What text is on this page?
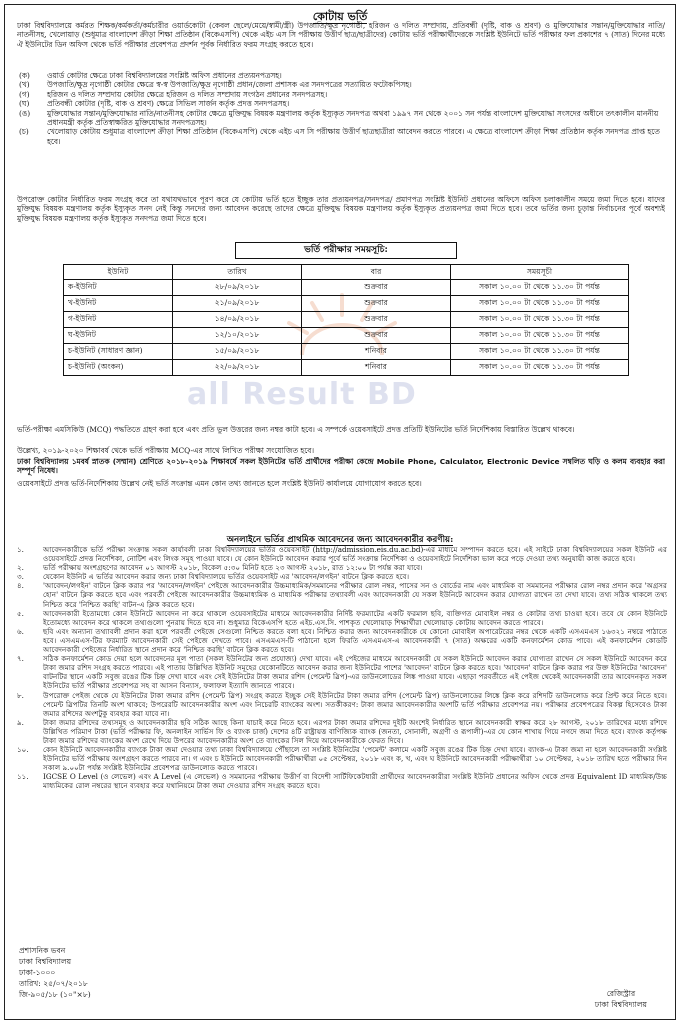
কোটায় ভর্তি
ঢাকা বিশ্ববিদ্যালয়ে কর্মরত শিক্ষক/কর্মকর্তা/কর্মচারীর ওয়ার্ডকোটা (কেবল ছেলে/মেয়ে/স্বামী/স্ত্রী) উপজাতি/ক্ষুদ্র নৃগোষ্ঠী, হরিজন ও দলিত সম্প্রদায়, প্রতিবন্ধী (দৃষ্টি, বাক ও শ্রবণ) ও মুক্তিযোদ্ধার সন্তান/মুক্তিযোদ্ধার নাতি/নাতনীসহ, খেলোয়াড় (শুধুমাত্র বাংলাদেশ ক্রীড়া শিক্ষা প্রতিষ্ঠান (বিকেএসপি) থেকে এইচ এস সি পরীক্ষায় উত্তীর্ণ ছাত্র/ছাত্রীদের) কোটায় ভর্তি পরীক্ষার্থীদেরকে সংশ্লিষ্ট ইউনিটে ভর্তি পরীক্ষার ফল প্রকাশের ৭ (সাত) দিনের মধ্যে ঐ ইউনিটের ডিন অফিস থেকে ভর্তি পরীক্ষার প্রবেশপত্র প্রদর্শন পূর্বক নির্ধারিত ফরম সংগ্রহ করতে হবে।
(ক)	ওয়ার্ড কোটার ক্ষেত্রে ঢাকা বিশ্ববিদ্যালয়ের সংশ্লিষ্ট অফিস প্রধানের প্রত্যয়নপত্রসহ।
(খ)	উপজাতি/ক্ষুদ্র নৃগোষ্ঠী কোটার ক্ষেত্রে স্ব-স্ব উপজাতি/ক্ষুদ্র নৃগোষ্ঠী প্রধান/জেলা প্রশাসক এর সনদপত্রের সত্যায়িত ফটোকপিসহ।
(গ)	হরিজন ও দলিত সম্প্রদায় কোটার ক্ষেত্রে হরিজন ও দলিত সম্প্রদায় সংগঠন প্রধানের সনদপত্রসহ।
(ঘ)	প্রতিবন্ধী কোটার (দৃষ্টি, বাক ও শ্রবণ) ক্ষেত্রে সিভিল সার্জন কর্তৃক প্রদত্ত সনদপত্রসহ।
(ঙ)	মুক্তিযোদ্ধার সন্তান/মুক্তিযোদ্ধার নাতি/নাতনীসহ কোটার ক্ষেত্রে মুক্তিযুদ্ধ বিষয়ক মন্ত্রণালয় কর্তৃক ইস্যুকৃত সনদপত্র অথবা ১৯৯৭ সন থেকে ২০০১ সন পর্যন্ত বাংলাদেশ মুক্তিযোদ্ধা সংসদের অধীনে তৎকালীন মাননীয় প্রধানমন্ত্রী কর্তৃক প্রতিস্বাক্ষরিত মুক্তিযোদ্ধার সনদপত্রসহ।
(চ)	খেলোয়াড় কোটায় শুধুমাত্র বাংলাদেশ ক্রীড়া শিক্ষা প্রতিষ্ঠান (বিকেএসপি) থেকে এইচ এস সি পরীক্ষায় উত্তীর্ণ ছাত্রছাত্রীরা আবেদন করতে পারবে। এ ক্ষেত্রে বাংলাদেশ ক্রীড়া শিক্ষা প্রতিষ্ঠান কর্তৃক সনদপত্র প্রাপ্ত হতে হবে।
উপরোক্ত কোটার নির্ধারিত ফরম সংগ্রহ করে তা যথাযথভাবে পূরণ করে যে কোটায় ভর্তি হতে ইচ্ছুক তার প্রত্যয়নপত্র/সনদপত্র/ প্রমাণপত্র সংশ্লিষ্ট ইউনিট প্রধানের অফিসে অফিস চলাকালীন সময়ে জমা দিতে হবে। যাদের মুক্তিযুদ্ধ বিষয়ক মন্ত্রণালয় কর্তৃক ইস্যুকৃত সনদ নেই কিন্তু সনদের জন্য আবেদন করেছে তাদের ক্ষেত্রে মুক্তিযুদ্ধ বিষয়ক মন্ত্রণালয় কর্তৃক ইস্যুকৃত প্রত্যয়নপত্র জমা দিতে হবে। তবে ভর্তির জন্য চূড়ান্ত নির্বাচনের পূর্বে অবশ্যই মুক্তিযুদ্ধ বিষয়ক মন্ত্রণালয় কর্তৃক ইস্যুকৃত সনদপত্র জমা দিতে হবে।
ভর্তি পরীক্ষার সময়সূচি:
ইউনিট	তারিখ	বার	সময়সূচী
ক-ইউনিট	২৮/০৯/২০১৮	শুক্রবার	সকাল ১০.০০ টা থেকে ১১.৩০ টা পর্যন্ত
খ-ইউনিট	২১/০৯/২০১৮	শুক্রবার	সকাল ১০.০০ টা থেকে ১১.৩০ টা পর্যন্ত
গ-ইউনিট	১৪/০৯/২০১৮	শুক্রবার	সকাল ১০.০০ টা থেকে ১১.৩০ টা পর্যন্ত
ঘ-ইউনিট	১২/১০/২০১৮	শুক্রবার	সকাল ১০.০০ টা থেকে ১১.৩০ টা পর্যন্ত
চ-ইউনিট (সাধারণ জ্ঞান)	১৫/০৯/২০১৮	শনিবার	সকাল ১০.০০ টা থেকে ১১.৩০ টা পর্যন্ত
চ-ইউনিট (অংকন)	২২/০৯/২০১৮	শনিবার	সকাল ১০.০০ টা থেকে ১১.৩০ টা পর্যন্ত
all Result BD
ভর্তি-পরীক্ষা এমসিকিউ (MCQ) পদ্ধতিতে গ্রহণ করা হবে এবং প্রতি ভুল উত্তরের জন্য নম্বর কাটা হবে। এ সম্পর্কে ওয়েবসাইটে প্রদত্ত প্রতিটি ইউনিটের ভর্তি নির্দেশিকায় বিস্তারিত উল্লেখ থাকবে।
উল্লেখ্য, ২০১৯-২০২০ শিক্ষাবর্ষ থেকে ভর্তি পরীক্ষায় MCQ-এর সাথে লিখিত পরীক্ষা সংযোজিত হবে।
ঢাকা বিশ্ববিদ্যালয় ১মবর্ষ স্নাতক (সম্মান) শ্রেণিতে ২০১৮-২০১৯ শিক্ষাবর্ষে সকল ইউনিটের ভর্তি প্রার্থীদের পরীক্ষা কেন্দ্রে Mobile Phone, Calculator, Electronic Device সম্বলিত ঘড়ি ও কলম ব্যবহার করা সম্পূর্ণ নিষেধ।
ওয়েবসাইটে প্রদত্ত ভর্তি-নির্দেশিকায় উল্লেখ নেই ভর্তি সংক্রান্ত এমন কোন তথ্য জানতে হলে সংশ্লিষ্ট ইউনিট কার্যালয়ে যোগাযোগ করতে হবে।
অনলাইনে ভর্তির প্রাথমিক আবেদনের জন্য আবেদনকারীর করণীয়:
১.	আবেদনকারীকে ভর্তি পরীক্ষা সংক্রান্ত সকল কার্যাবলী ঢাকা বিশ্ববিদ্যালয়ের ভর্তির ওয়েবসাইট (http://admission.eis.du.ac.bd)-এর মাধ্যমে সম্পাদন করতে হবে। এই সাইটে ঢাকা বিশ্ববিদ্যালয়ের সকল ইউনিট এর ওয়েবসাইটে প্রদত্ত নির্দেশিকা, নোটিশ এবং লিংক সমূহ পাওয়া যাবে। যে কোন ইউনিটে আবেদন করার পূর্বে ভর্তি সংক্রান্ত নির্দেশিকা ও ওয়েবসাইটে নির্দেশিকা ভাল করে পড়ে দেওয়া তথ্য অনুযায়ী কাজ করতে হবে।
২.	ভর্তি পরীক্ষায় অংশগ্রহণের আবেদন ০১ আগস্ট ২০১৮, বিকেল ৫:৩০ মিনিট হতে ২৩ আগস্ট ২০১৮, রাত ১২:০০ টা পর্যন্ত করা যাবে।
৩.	যেকোন ইউনিট এ ভর্তির আবেদন করার জন্য ঢাকা বিশ্ববিদ্যালয়ে ভর্তির ওয়েবসাইট এর 'আবেদন/লগইন' বাটনে ক্লিক করতে হবে।
৪.	'আবেদন/লগইন' বাটনে ক্লিক করার পর 'আবেদন/লগইন' পেইজে আবেদনকারীর উচ্চমাধ্যমিক/সমমানের পরীক্ষার রোল নম্বর, পাসের সন ও বোর্ডের নাম এবং মাধ্যমিক বা সমমানের পরীক্ষার রোল নম্বর প্রদান করে 'অগ্রসর হোন' বাটনে ক্লিক করতে হবে এবং পরবর্তী পেইজে আবেদনকারীর উচ্চমাধ্যমিক ও মাধ্যমিক পরীক্ষার তথ্যাবলী এবং আবেদনকারী যে সকল ইউনিটে আবেদন করার যোগ্যতা রাখেন তা দেখা যাবে। তথ্য সঠিক থাকলে তথ্য নিশ্চিত করে 'নিশ্চিত করছি' বাটন-এ ক্লিক করতে হবে।
৫.	আবেদনকারী ইতোমধ্যে কোন ইউনিটে আবেদন না করে থাকলে ওয়েবসাইটের মাধ্যমে আবেদনকারীর নির্দিষ্ট ফরম্যাটের একটি ফরমাল ছবি, ব্যক্তিগত মোবাইল নম্বর ও কোটার তথ্য চাওয়া হবে। তবে যে কোন ইউনিটে ইতোমধ্যে আবেদন করে থাকলে তথ্যগুলো পুনরায় দিতে হবে না। শুধুমাত্র বিকেএসপি হতে এইচ.এস.সি. পাশকৃত খেলোয়াড় শিক্ষার্থীরা খেলোয়াড় কোটায় আবেদন করতে পারবে।
৬.	ছবি এবং অন্যান্য তথ্যাবলী প্রদান করা হলে পরবর্তী পেইজে সেগুলো নিশ্চিত করতে বলা হবে। নিশ্চিত করার জন্য আবেদনকারীকে যে কোনো মোবাইল অপারেটরের নম্বর থেকে একটি এসএমএস ১৬৩২১ নম্বরে পাঠাতে হবে। এসএমএস-টির ফরম্যাট আবেদনকারী সেই পেইজে দেখতে পাবে। এসএমএস-টি পাঠানো হলে ফিরতি এসএমএস-এ আবেদনকারী ৭ (সাত) অক্ষরের একটি কনফার্মেশন কোড পাবে। এই কনফার্মেশন কোডটি আবেদনকারী পেইজের নির্ধারিত স্থানে প্রদান করে 'নিশ্চিত করছি' বাটনে ক্লিক করতে হবে।
৭.	সঠিক কনফার্মেশন কোড দেয়া হলে আবেদনের মূল পাতা (সকল ইউনিটের জন্য প্রযোজ্য) দেখা যাবে। এই পেইজের মাধ্যমে আবেদনকারী যে সকল ইউনিটে আবেদন করার যোগ্যতা রাখেন সে সকল ইউনিটে আবেদন করে টাকা জমার রশিদ সংগ্রহ করতে পারবে। এই পাতায় উল্লিখিত ইউনিট সমূহের যেকোনটিতে আবেদন করার জন্য ইউনিটের পাশের 'আবেদন' বাটনে ক্লিক করতে হবে। 'আবেদন' বাটনে ক্লিক করার পর উক্ত ইউনিটের 'আবেদন' বাটনটির স্থানে একটি সবুজ রঙের টিক চিহ্ন দেখা যাবে এবং সেই ইউনিটের টাকা জমার রশিদ (পেমেন্ট স্লিপ)-এর ডাউনলোডের লিঙ্ক পাওয়া যাবে। এছাড়া পরবর্তীতে এই পেইজ থেকেই আবেদনকারী তার আবেদনকৃত সকল ইউনিটের ভর্তি পরীক্ষার প্রবেশপত্র সহ বা আসন বিন্যাস, ফলাফল ইত্যাদি জানতে পারবে।
৮.	উপরোক্ত পেইজ থেকে যে ইউনিটের টাকা জমার রশিদ (পেমেন্ট স্লিপ) সংগ্রহ করতে ইচ্ছুক সেই ইউনিটের টাকা জমার রশিদ (পেমেন্ট স্লিপ) ডাউনলোডের লিঙ্কে ক্লিক করে রশিদটি ডাউনলোড করে প্রিন্ট করে নিতে হবে। পেমেন্ট স্লিপটির তিনটি অংশ থাকবে; উপরেরটি আবেদনকারীর অংশ এবং নিচেরটি ব্যাংকের অংশ। সতর্কীকরণ: টাকা জমার আবেদনকারীর অংশটি ভর্তি পরীক্ষার প্রবেশপত্র নয়। পরীক্ষার প্রবেশপত্রের বিকল্প হিসেবেও টাকা জমার রশিদের অংশটুকু ব্যবহার করা যাবে না।
৯.	টাকা জমার রশিদের তথ্যসমূহ ও আবেদনকারীর ছবি সঠিক আছে কিনা যাচাই করে নিতে হবে। এরপর টাকা জমার রশিদের দুইটি অংশেই নির্ধারিত স্থানে আবেদনকারী স্বাক্ষর করে ২৮ আগস্ট, ২০১৮ তারিখের মধ্যে রশিদে উল্লিখিত পরিমাণ টাকা (ভর্তি পরীক্ষার ফি, অনলাইন সার্ভিস ফি ও ব্যাংক চার্জ) দেশের ৪টি রাষ্ট্রায়ত্ত বাণিজ্যিক ব্যাংক (জনতা, সোনালী, অগ্রণী ও রূপালী)-এর যে কোন শাখায় গিয়ে নগদে জমা দিতে হবে। ব্যাংক কর্তৃপক্ষ টাকা জমার রশিদের ব্যাংকের অংশ রেখে দিয়ে উপরের আবেদনকারীর অংশ তে ব্যাংকের সিল দিয়ে আবেদনকারীকে ফেরত দিবে।
১০.	কোন ইউনিটে আবেদনকারীর ব্যাংকে টাকা জমা দেওয়ার তথ্য ঢাকা বিশ্ববিদ্যালয়ে পৌঁছালে তা সংশ্লিষ্ট ইউনিটের 'পেমেন্ট' কলামে একটি সবুজ রঙের টিক চিহ্ন দেখা যাবে। ব্যাংক-এ টাকা জমা না হলে আবেদনকারী সংশ্লিষ্ট ইউনিটের ভর্তি পরীক্ষায় অংশগ্রহণ করতে পারবে না। গ এবং চ ইউনিটে আবেদনকারী পরীক্ষার্থীরা ০৫ সেপ্টেম্বর, ২০১৮ এবং ক, খ, এবং ঘ ইউনিটে আবেদনকারী পরীক্ষার্থীরা ১০ সেপ্টেম্বর, ২০১৮ তারিখ হতে পরীক্ষার দিন সকাল ৯.০০টা পর্যন্ত সংশ্লিষ্ট ইউনিটের প্রবেশপত্র ডাউনলোড করতে পারবে।
১১.	IGCSE O Level (ও লেভেল) এবং A Level (এ লেভেল) ও সমমানের পরীক্ষায় উত্তীর্ণ বা বিদেশী সার্টিফিকেটধারী প্রার্থীদের আবেদনকারীরা সংশ্লিষ্ট ইউনিট প্রধানের অফিস থেকে প্রদত্ত Equivalent ID মাধ্যমিক/উচ্চ মাধ্যমিকের রোল নম্বরের স্থানে ব্যবহার করে যথানিয়মে টাকা জমা দেওয়ার রশিদ সংগ্রহ করতে হবে।
প্রশাসনিক ভবন
ঢাকা বিশ্ববিদ্যালয়
ঢাকা-১০০০
তারিখ: ২৫/০৭/২০১৮
জি-৯০৫/১৮ (১০"×৮)	রেজিস্ট্রার
ঢাকা বিশ্ববিদ্যালয়
